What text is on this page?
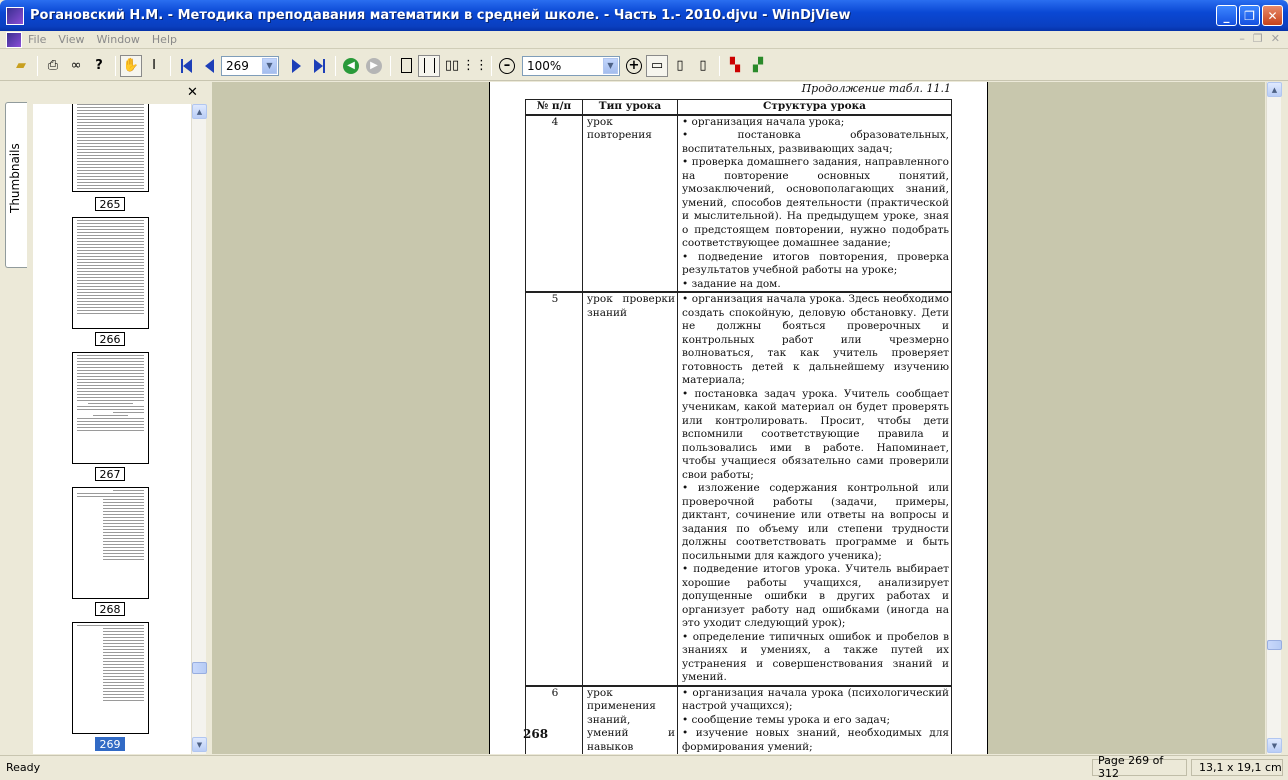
Рогановский Н.М. - Методика преподавания математики в средней школе. - Часть 1.- 2010.djvu - WinDjView	_	❐	✕
File	View	Window	Help	– ❐ ✕
▰ ⎙ ∞ ? ✋ I	269	▼	◀	▶	▯▯ ⋮⋮	–	100%	▼	+ ▭ ▯ ▯ ▚ ▞
Thumbnails
✕
265
266
267
268
269
▲
▼
Продолжение табл. 11.1
№ п/п	Тип урока	Структура урока
4	урок повторения	• организация начала урока;
• постановка образовательных, воспитательных, развивающих задач;
• проверка домашнего задания, направленного на повторение основных понятий, умозаключений, основополагающих знаний, умений, способов деятельности (практической и мыслительной). На предыдущем уроке, зная о предстоящем повторении, нужно подобрать соответствующее домашнее задание;
• подведение итогов повторения, проверка результатов учебной работы на уроке;
• задание на дом.
5	урок проверки знаний	• организация начала урока. Здесь необходимо создать спокойную, деловую обстановку. Дети не должны бояться проверочных и контрольных работ или чрезмерно волноваться, так как учитель проверяет готовность детей к дальнейшему изучению материала;
• постановка задач урока. Учитель сообщает ученикам, какой материал он будет проверять или контролировать. Просит, чтобы дети вспомнили соответствующие правила и пользовались ими в работе. Напоминает, чтобы учащиеся обязательно сами проверили свои работы;
• изложение содержания контрольной или проверочной работы (задачи, примеры, диктант, сочинение или ответы на вопросы и задания по объему или степени трудности должны соответствовать программе и быть посильными для каждого ученика);
• подведение итогов урока. Учитель выбирает хорошие работы учащихся, анализирует допущенные ошибки в других работах и организует работу над ошибками (иногда на это уходит следующий урок);
• определение типичных ошибок и пробелов в знаниях и умениях, а также путей их устранения и совершенствования знаний и умений.
6	урок применения знаний, умений и навыков	• организация начала урока (психологический настрой учащихся);
• сообщение темы урока и его задач;
• изучение новых знаний, необходимых для формирования умений;
268
▲
▼
Ready	Page 269 of 312	13,1 x 19,1 cm
